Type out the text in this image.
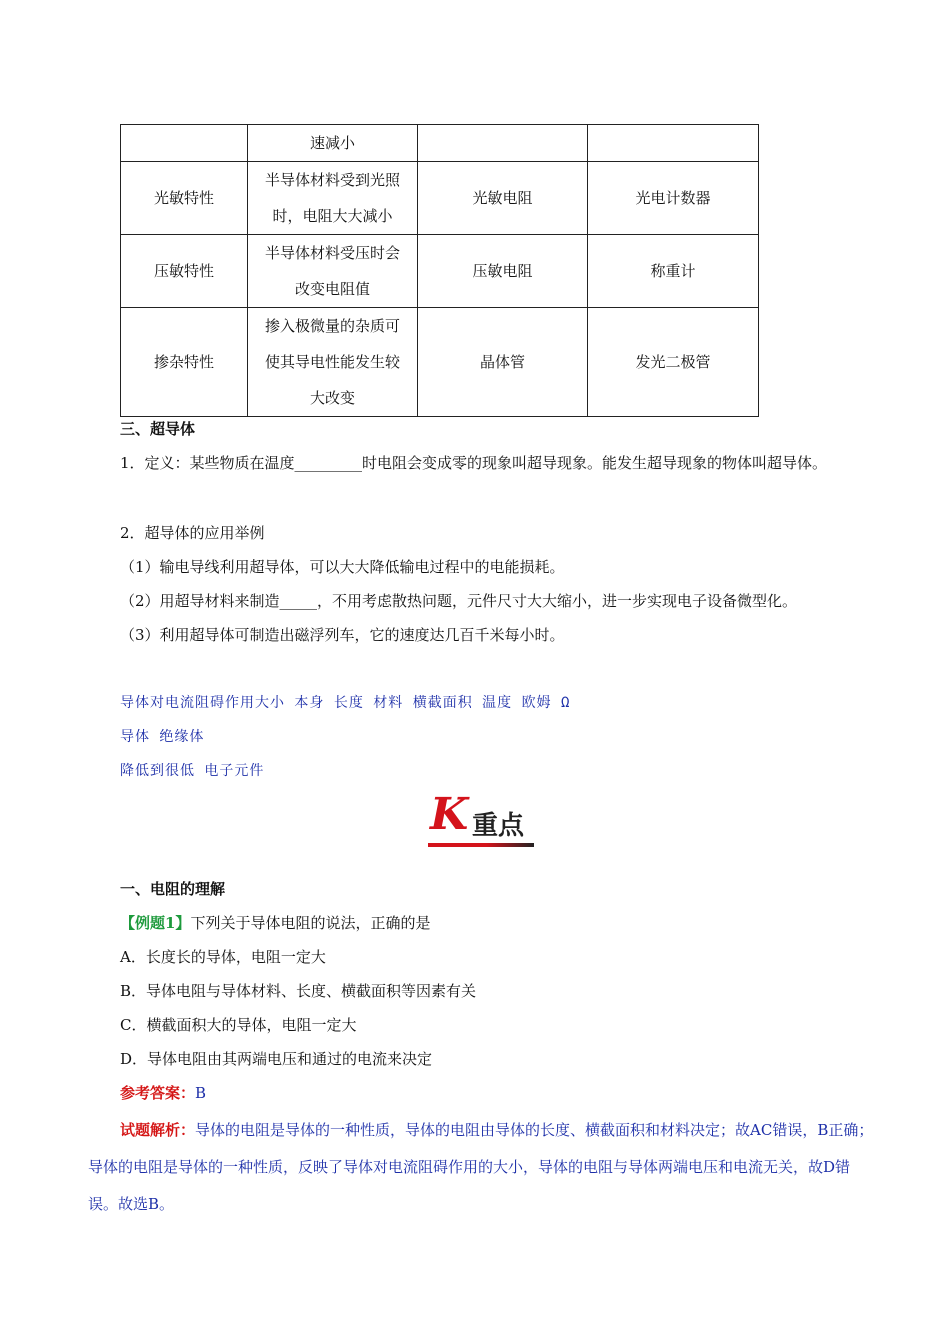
	速减小		

光敏特性	半导体材料受到光照
时，电阻大大减小	光敏电阻	光电计数器
压敏特性	半导体材料受压时会
改变电阻值	压敏电阻	称重计
掺杂特性	掺入极微量的杂质可
使其导电性能发生较
大改变	晶体管	发光二极管
三、超导体
1．定义：某些物质在温度_________时电阻会变成零的现象叫超导现象。能发生超导现象的物体叫超导体。
2．超导体的应用举例
（1）输电导线利用超导体，可以大大降低输电过程中的电能损耗。
（2）用超导材料来制造_____，不用考虑散热问题，元件尺寸大大缩小，进一步实现电子设备微型化。
（3）利用超导体可制造出磁浮列车，它的速度达几百千米每小时。
导体对电流阻碍作用大小 本身 长度 材料 横截面积 温度 欧姆 Ω
导体 绝缘体
降低到很低 电子元件
K 重点
一、电阻的理解
【例题1】下列关于导体电阻的说法，正确的是
A．长度长的导体，电阻一定大
B．导体电阻与导体材料、长度、横截面积等因素有关
C．横截面积大的导体，电阻一定大
D．导体电阻由其两端电压和通过的电流来决定
参考答案：B
试题解析：导体的电阻是导体的一种性质，导体的电阻由导体的长度、横截面积和材料决定；故AC错误，B正确；导体的电阻是导体的一种性质，反映了导体对电流阻碍作用的大小，导体的电阻与导体两端电压和电流无关，故D错误。故选B。
